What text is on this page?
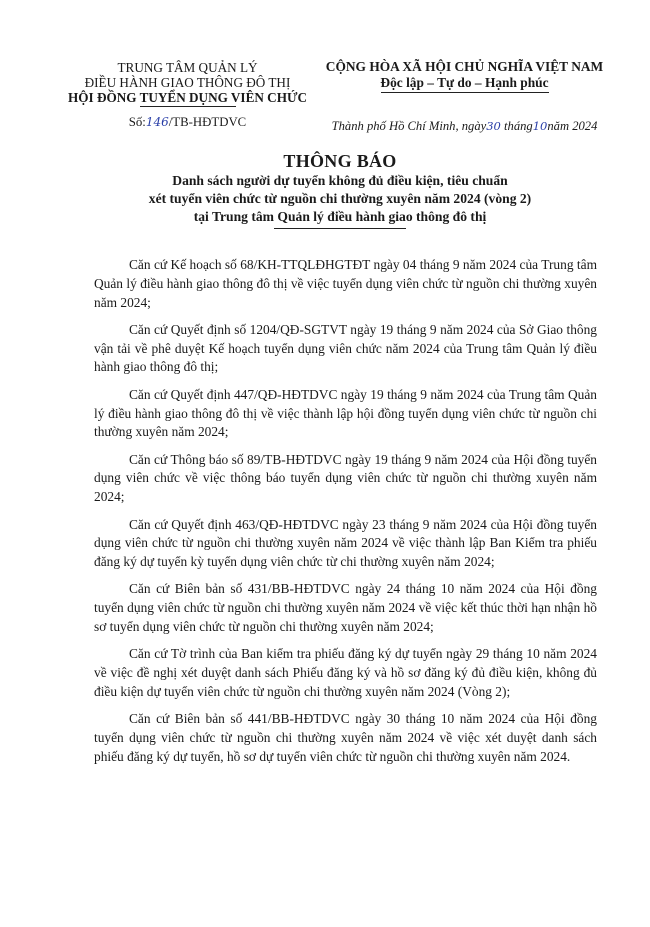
TRUNG TÂM QUẢN LÝ
ĐIỀU HÀNH GIAO THÔNG ĐÔ THỊ
HỘI ĐỒNG TUYỂN DỤNG VIÊN CHỨC
Số:146/TB-HĐTDVC
CỘNG HÒA XÃ HỘI CHỦ NGHĨA VIỆT NAM
Độc lập – Tự do – Hạnh phúc
Thành phố Hồ Chí Minh, ngày30 tháng10năm 2024
THÔNG BÁO
Danh sách người dự tuyển không đủ điều kiện, tiêu chuẩn
xét tuyển viên chức từ nguồn chi thường xuyên năm 2024 (vòng 2)
tại Trung tâm Quản lý điều hành giao thông đô thị

Căn cứ Kế hoạch số 68/KH-TTQLĐHGTĐT ngày 04 tháng 9 năm 2024 của Trung tâm Quản lý điều hành giao thông đô thị về việc tuyển dụng viên chức từ nguồn chi thường xuyên năm 2024;

Căn cứ Quyết định số 1204/QĐ-SGTVT ngày 19 tháng 9 năm 2024 của Sở Giao thông vận tải về phê duyệt Kế hoạch tuyển dụng viên chức năm 2024 của Trung tâm Quản lý điều hành giao thông đô thị;

Căn cứ Quyết định 447/QĐ-HĐTDVC ngày 19 tháng 9 năm 2024 của Trung tâm Quản lý điều hành giao thông đô thị về việc thành lập hội đồng tuyển dụng viên chức từ nguồn chi thường xuyên năm 2024;

Căn cứ Thông báo số 89/TB-HĐTDVC ngày 19 tháng 9 năm 2024 của Hội đồng tuyển dụng viên chức về việc thông báo tuyển dụng viên chức từ nguồn chi thường xuyên năm 2024;

Căn cứ Quyết định 463/QĐ-HĐTDVC ngày 23 tháng 9 năm 2024 của Hội đồng tuyển dụng viên chức từ nguồn chi thường xuyên năm 2024 về việc thành lập Ban Kiểm tra phiếu đăng ký dự tuyển kỳ tuyển dụng viên chức từ chi thường xuyên năm 2024;

Căn cứ Biên bản số 431/BB-HĐTDVC ngày 24 tháng 10 năm 2024 của Hội đồng tuyển dụng viên chức từ nguồn chi thường xuyên năm 2024 về việc kết thúc thời hạn nhận hồ sơ tuyển dụng viên chức từ nguồn chi thường xuyên năm 2024;

Căn cứ Tờ trình của Ban kiểm tra phiếu đăng ký dự tuyển ngày 29 tháng 10 năm 2024 về việc đề nghị xét duyệt danh sách Phiếu đăng ký và hồ sơ đăng ký đủ điều kiện, không đủ điều kiện dự tuyển viên chức từ nguồn chi thường xuyên năm 2024 (Vòng 2);

Căn cứ Biên bản số 441/BB-HĐTDVC ngày 30 tháng 10 năm 2024 của Hội đồng tuyển dụng viên chức từ nguồn chi thường xuyên năm 2024 về việc xét duyệt danh sách phiếu đăng ký dự tuyển, hồ sơ dự tuyển viên chức từ nguồn chi thường xuyên năm 2024.
